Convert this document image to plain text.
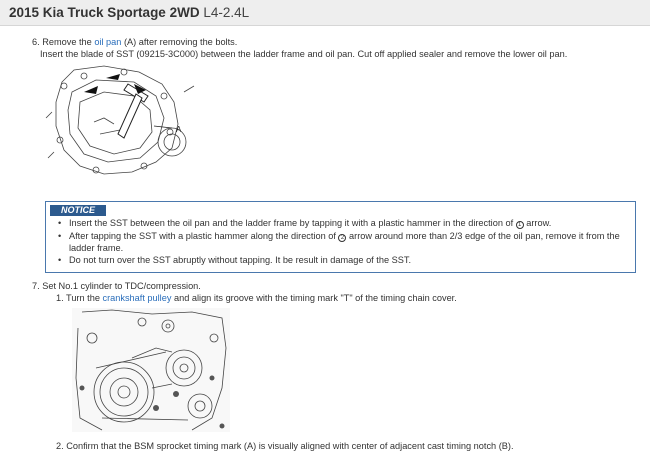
2015 Kia Truck Sportage 2WD L4-2.4L
6. Remove the oil pan (A) after removing the bolts.
Insert the blade of SST (09215-3C000) between the ladder frame and oil pan. Cut off applied sealer and remove the lower oil pan.
A
NOTICE
• Insert the SST between the oil pan and the ladder frame by tapping it with a plastic hammer in the direction of 1 arrow.
• After tapping the SST with a plastic hammer along the direction of 2 arrow around more than 2/3 edge of the oil pan, remove it from the
ladder frame.
• Do not turn over the SST abruptly without tapping. It be result in damage of the SST.
7. Set No.1 cylinder to TDC/compression.
1. Turn the crankshaft pulley and align its groove with the timing mark "T" of the timing chain cover.
2. Confirm that the BSM sprocket timing mark (A) is visually aligned with center of adjacent cast timing notch (B).
